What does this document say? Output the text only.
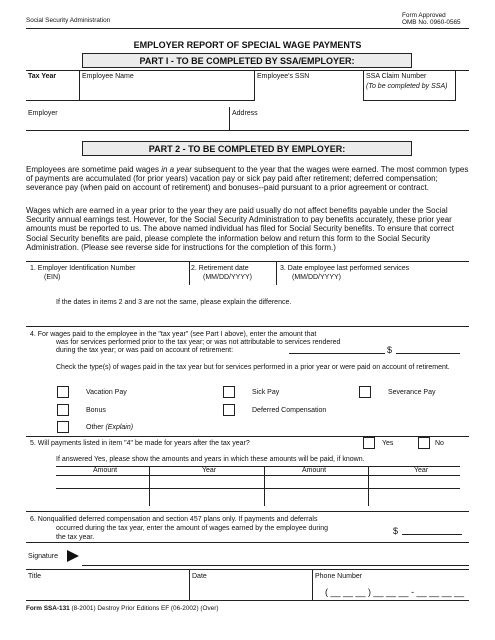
Social Security Administration
Form Approved
OMB No. 0960-0565
EMPLOYER REPORT OF SPECIAL WAGE PAYMENTS
PART I - TO BE COMPLETED BY SSA/EMPLOYER:
Tax Year	Employee Name	Employee's SSN	SSA Claim Number
(To be completed by SSA)
Employer	Address
PART 2 - TO BE COMPLETED BY EMPLOYER:
Employees are sometime paid wages in a year subsequent to the year that the wages were earned. The most common types of payments are accumulated (for prior years) vacation pay or sick pay paid after retirement; deferred compensation; severance pay (when paid on account of retirement) and bonuses--paid pursuant to a prior agreement or contract.
Wages which are earned in a year prior to the year they are paid usually do not affect benefits payable under the Social Security annual earnings test. However, for the Social Security Administration to pay benefits accurately, these prior year amounts must be reported to us. The above named individual has filed for Social Security benefits. To ensure that correct Social Security benefits are paid, please complete the information below and return this form to the Social Security Administration. (Please see reverse side for instructions for the completion of this form.)
1. Employer Identification Number
(EIN)
2. Retirement date
(MM/DD/YYYY)
3. Date employee last performed services
(MM/DD/YYYY)
If the dates in items 2 and 3 are not the same, please explain the difference.
4. For wages paid to the employee in the "tax year" (see Part I above), enter the amount that
was for services performed prior to the tax year; or was not attributable to services rendered
during the tax year; or was paid on account of retirement:	$
Check the type(s) of wages paid in the tax year but for services performed in a prior year or were paid on account of retirement.
Vacation Pay	Sick Pay	Severance Pay
Bonus	Deferred Compensation
Other (Explain)
5. Will payments listed in item "4" be made for years after the tax year?	Yes	No
If answered Yes, please show the amounts and years in which these amounts will be paid, if known.
Amount	Year	Amount	Year
6. Nonqualified deferred compensation and section 457 plans only. If payments and deferrals
occurred during the tax year, enter the amount of wages earned by the employee during
the tax year.
$
Signature
Title	Date	Phone Number
( __ __ __ ) __ __ __ - __ __ __ __
Form SSA-131 (8-2001) Destroy Prior Editions EF (06-2002) (Over)
